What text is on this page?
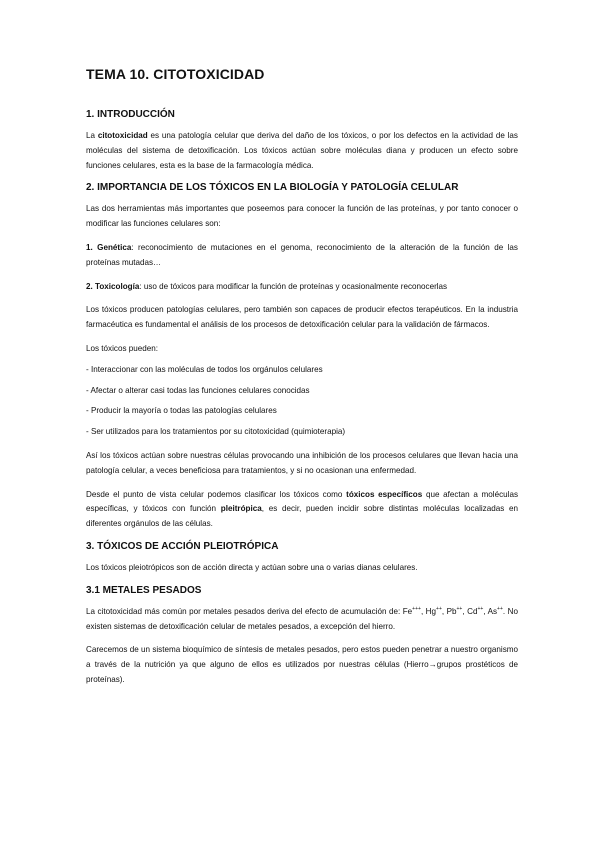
TEMA 10. CITOTOXICIDAD
1. INTRODUCCIÓN

La citotoxicidad es una patología celular que deriva del daño de los tóxicos, o por los defectos en la actividad de las moléculas del sistema de detoxificación. Los tóxicos actúan sobre moléculas diana y producen un efecto sobre funciones celulares, esta es la base de la farmacología médica.

2. IMPORTANCIA DE LOS TÓXICOS EN LA BIOLOGÍA Y PATOLOGÍA CELULAR

Las dos herramientas más importantes que poseemos para conocer la función de las proteínas, y por tanto conocer o modificar las funciones celulares son:

1. Genética: reconocimiento de mutaciones en el genoma, reconocimiento de la alteración de la función de las proteínas mutadas…

2. Toxicología: uso de tóxicos para modificar la función de proteínas y ocasionalmente reconocerlas

Los tóxicos producen patologías celulares, pero también son capaces de producir efectos terapéuticos. En la industria farmacéutica es fundamental el análisis de los procesos de detoxificación celular para la validación de fármacos.

Los tóxicos pueden:

- Interaccionar con las moléculas de todos los orgánulos celulares

- Afectar o alterar casi todas las funciones celulares conocidas

- Producir la mayoría o todas las patologías celulares

- Ser utilizados para los tratamientos por su citotoxicidad (quimioterapia)

Así los tóxicos actúan sobre nuestras células provocando una inhibición de los procesos celulares que llevan hacia una patología celular, a veces beneficiosa para tratamientos, y si no ocasionan una enfermedad.

Desde el punto de vista celular podemos clasificar los tóxicos como tóxicos específicos que afectan a moléculas específicas, y tóxicos con función pleitrópica, es decir, pueden incidir sobre distintas moléculas localizadas en diferentes orgánulos de las células.

3. TÓXICOS DE ACCIÓN PLEIOTRÓPICA

Los tóxicos pleiotrópicos son de acción directa y actúan sobre una o varias dianas celulares.

3.1 METALES PESADOS

La citotoxicidad más común por metales pesados deriva del efecto de acumulación de: Fe+++, Hg++, Pb++, Cd++, As++. No existen sistemas de detoxificación celular de metales pesados, a excepción del hierro.

Carecemos de un sistema bioquímico de síntesis de metales pesados, pero estos pueden penetrar a nuestro organismo a través de la nutrición ya que alguno de ellos es utilizados por nuestras células (Hierro→grupos prostéticos de proteínas).
